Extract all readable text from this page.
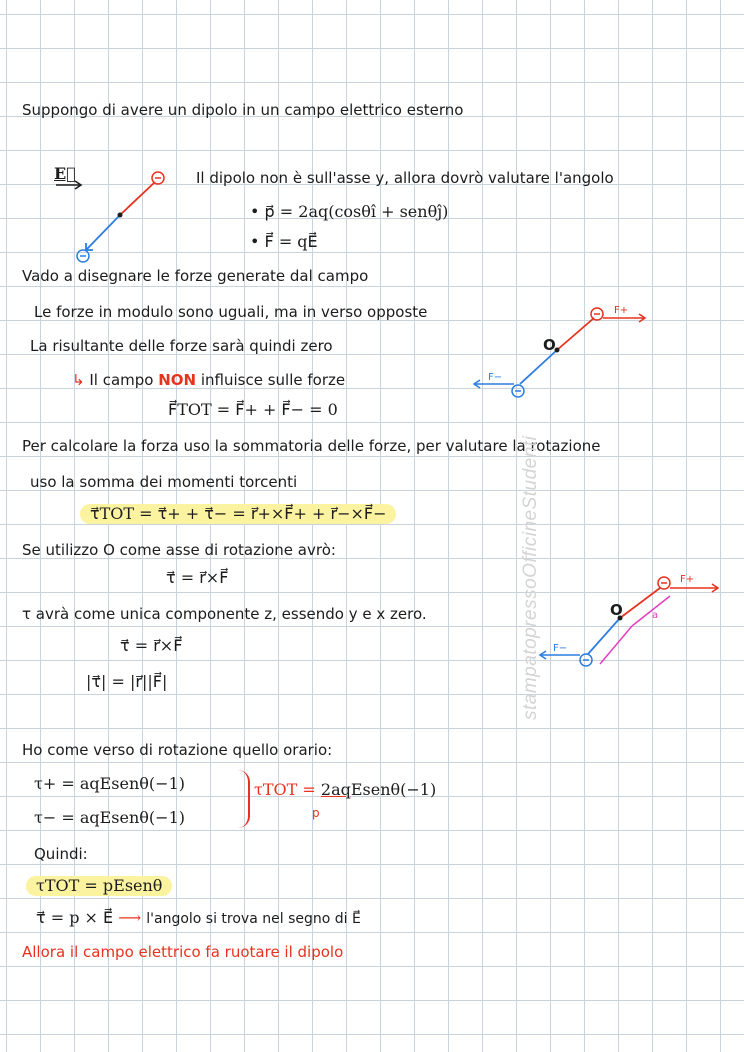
Suppongo di avere un dipolo in un campo elettrico esterno
E⃗	Il dipolo non è sull'asse y, allora dovrò valutare l'angolo
• p⃗ = 2aq(cosθî + senθĵ)
• F⃗ = qE⃗
Vado a disegnare le forze generate dal campo
Le forze in modulo sono uguali, ma in verso opposte
La risultante delle forze sarà quindi zero
↳ Il campo NON influisce sulle forze
F⃗TOT = F⃗+ + F⃗− = 0
Per calcolare la forza uso la sommatoria delle forze, per valutare la rotazione
uso la somma dei momenti torcenti
τ⃗TOT = τ⃗+ + τ⃗− = r⃗+×F⃗+ + r⃗−×F⃗−
Se utilizzo O come asse di rotazione avrò:
τ⃗ = r⃗×F⃗
τ avrà come unica componente z, essendo y e x zero.
τ⃗ = r⃗×F⃗
|τ⃗| = |r⃗||F⃗|
Ho come verso di rotazione quello orario:
τ+ = aqEsenθ(−1)
τ− = aqEsenθ(−1)
τTOT = 2aqEsenθ(−1)
p
Quindi:
τTOT = pEsenθ
τ⃗ = p × E⃗ ⟶ l'angolo si trova nel segno di E⃗
Allora il campo elettrico fa ruotare il dipolo
stampatopressoOfficineStudenti
O
F+
F−
O
F+
F−
a
